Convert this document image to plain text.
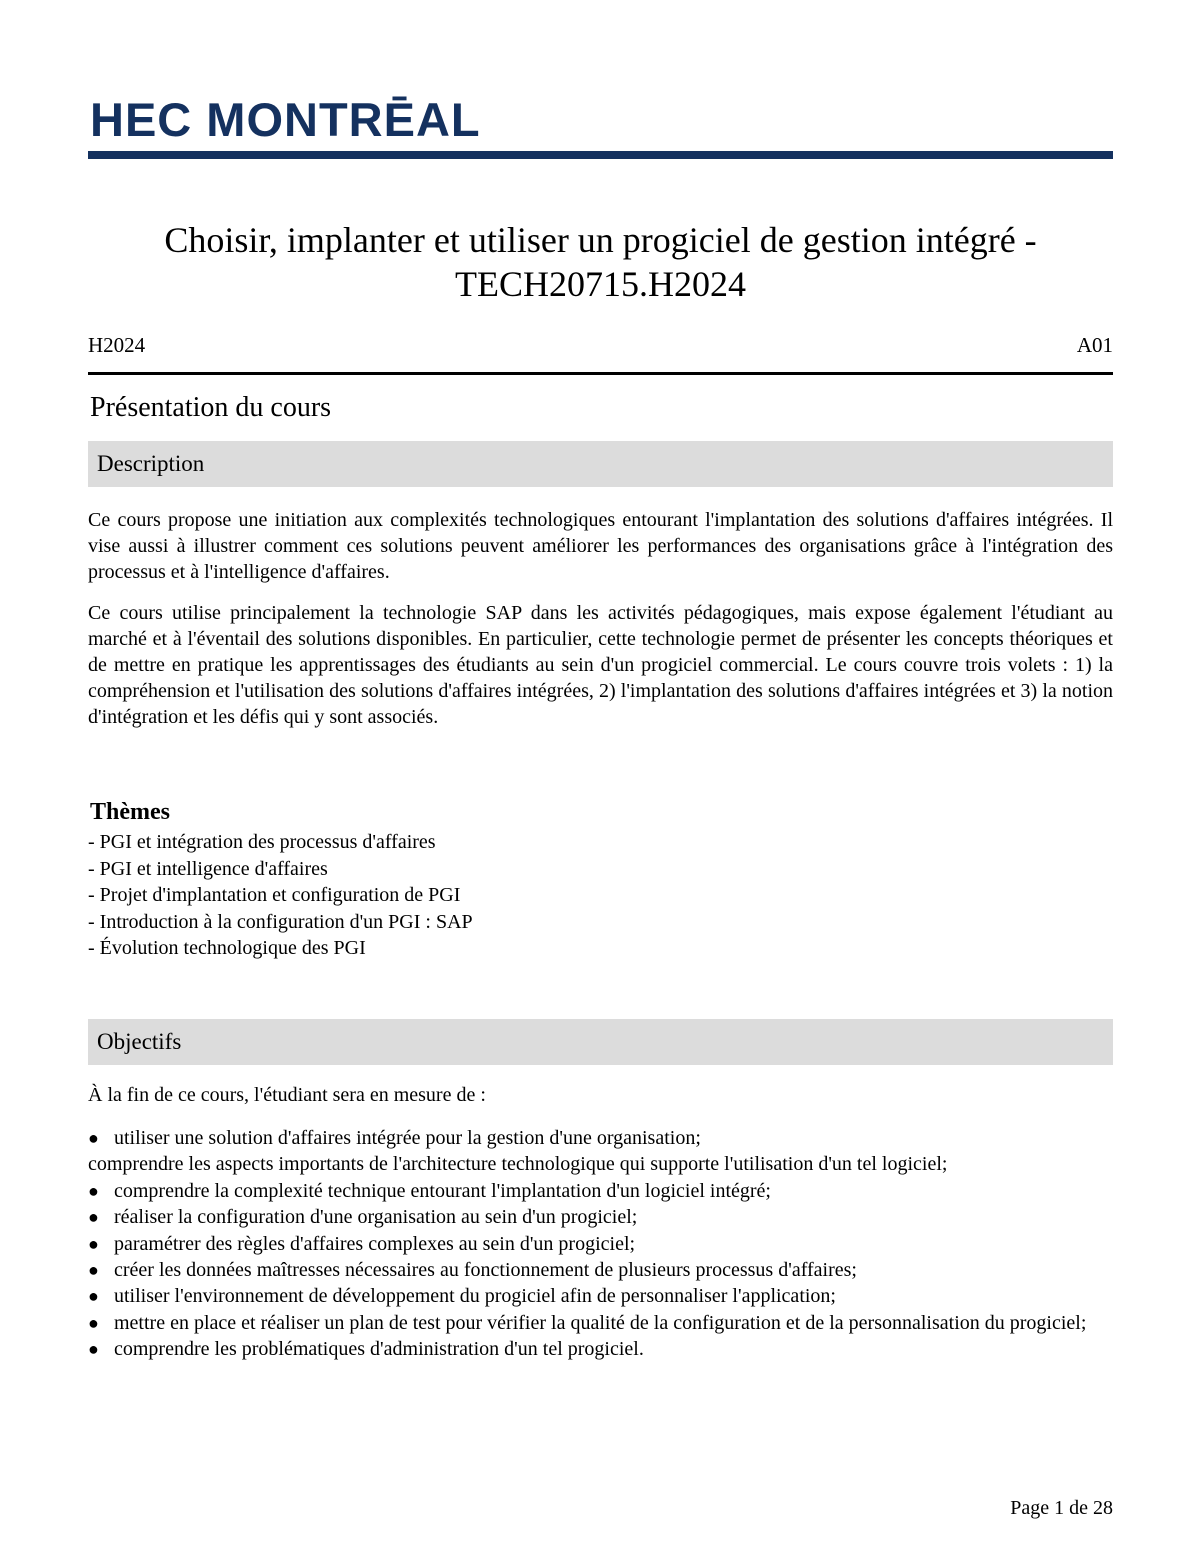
HEC MONTRĒAL
Choisir, implanter et utiliser un progiciel de gestion intégré -
TECH20715.H2024
H2024	A01
Présentation du cours
Description
Ce cours propose une initiation aux complexités technologiques entourant l'implantation des solutions d'affaires intégrées. Il vise aussi à illustrer comment ces solutions peuvent améliorer les performances des organisations grâce à l'intégration des processus et à l'intelligence d'affaires.
Ce cours utilise principalement la technologie SAP dans les activités pédagogiques, mais expose également l'étudiant au marché et à l'éventail des solutions disponibles. En particulier, cette technologie permet de présenter les concepts théoriques et de mettre en pratique les apprentissages des étudiants au sein d'un progiciel commercial. Le cours couvre trois volets : 1) la compréhension et l'utilisation des solutions d'affaires intégrées, 2) l'implantation des solutions d'affaires intégrées et 3) la notion d'intégration et les défis qui y sont associés.
Thèmes
- PGI et intégration des processus d'affaires
- PGI et intelligence d'affaires
- Projet d'implantation et configuration de PGI
- Introduction à la configuration d'un PGI : SAP
- Évolution technologique des PGI
Objectifs
À la fin de ce cours, l'étudiant sera en mesure de :
● utiliser une solution d'affaires intégrée pour la gestion d'une organisation;
comprendre les aspects importants de l'architecture technologique qui supporte l'utilisation d'un tel logiciel;
● comprendre la complexité technique entourant l'implantation d'un logiciel intégré;
● réaliser la configuration d'une organisation au sein d'un progiciel;
● paramétrer des règles d'affaires complexes au sein d'un progiciel;
● créer les données maîtresses nécessaires au fonctionnement de plusieurs processus d'affaires;
● utiliser l'environnement de développement du progiciel afin de personnaliser l'application;
● mettre en place et réaliser un plan de test pour vérifier la qualité de la configuration et de la personnalisation du progiciel;
● comprendre les problématiques d'administration d'un tel progiciel.
Page 1 de 28
